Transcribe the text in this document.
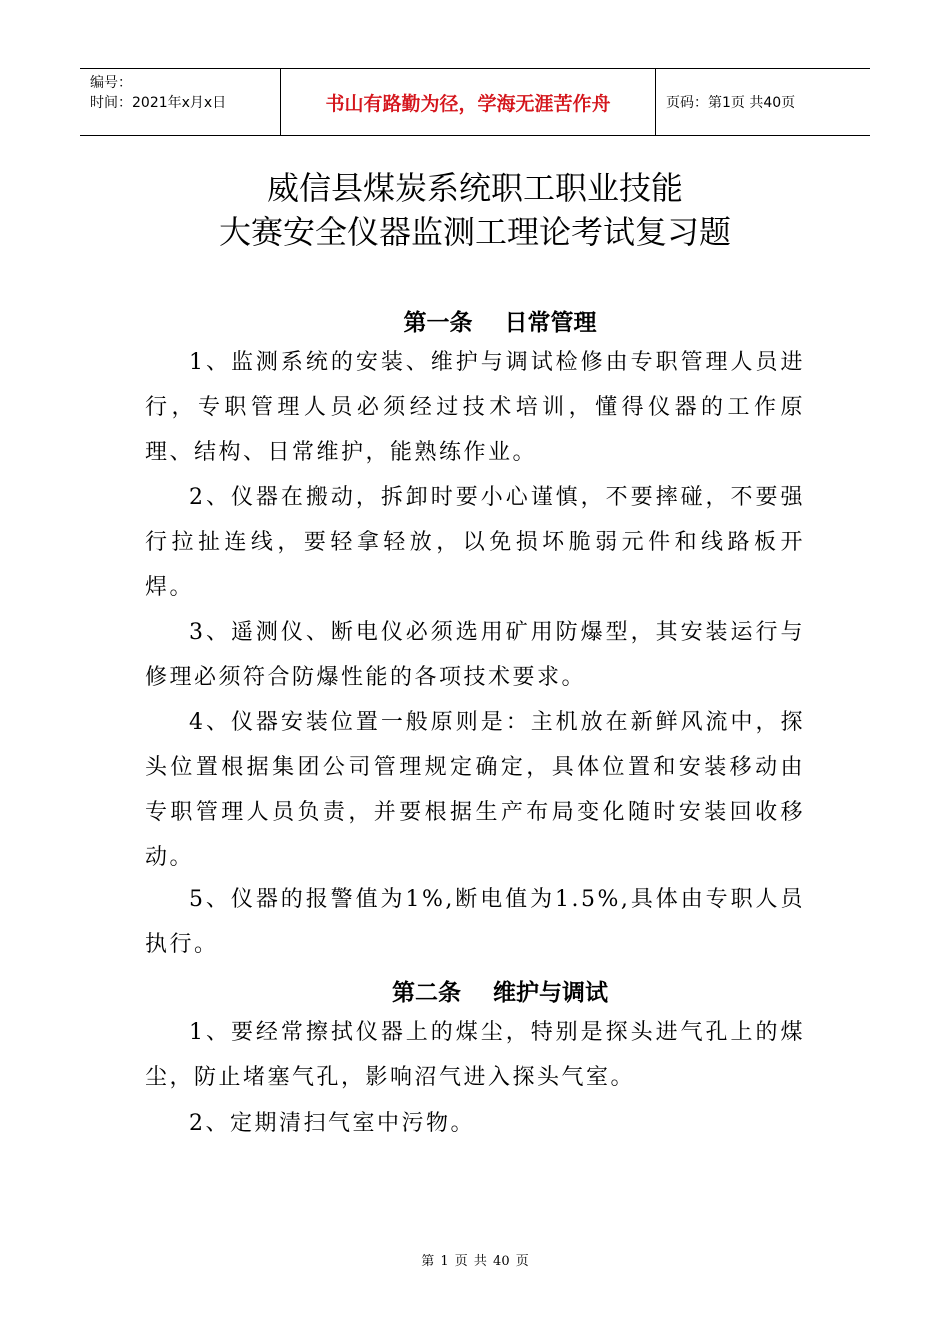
编号：
时间：2021年x月x日	书山有路勤为径，学海无涯苦作舟	页码：第1页 共40页
威信县煤炭系统职工职业技能
大赛安全仪器监测工理论考试复习题
第一条    日常管理

1、监测系统的安装、维护与调试检修由专职管理人员进行，专职管理人员必须经过技术培训，懂得仪器的工作原理、结构、日常维护，能熟练作业。

2、仪器在搬动，拆卸时要小心谨慎，不要摔碰，不要强行拉扯连线，要轻拿轻放，以免损坏脆弱元件和线路板开焊。

3、遥测仪、断电仪必须选用矿用防爆型，其安装运行与修理必须符合防爆性能的各项技术要求。

4、仪器安装位置一般原则是：主机放在新鲜风流中，探头位置根据集团公司管理规定确定，具体位置和安装移动由专职管理人员负责，并要根据生产布局变化随时安装回收移动。

5、仪器的报警值为1%,断电值为1.5%,具体由专职人员执行。

第二条    维护与调试

1、要经常擦拭仪器上的煤尘，特别是探头进气孔上的煤尘，防止堵塞气孔，影响沼气进入探头气室。

2、定期清扫气室中污物。

第 1 页 共 40 页
